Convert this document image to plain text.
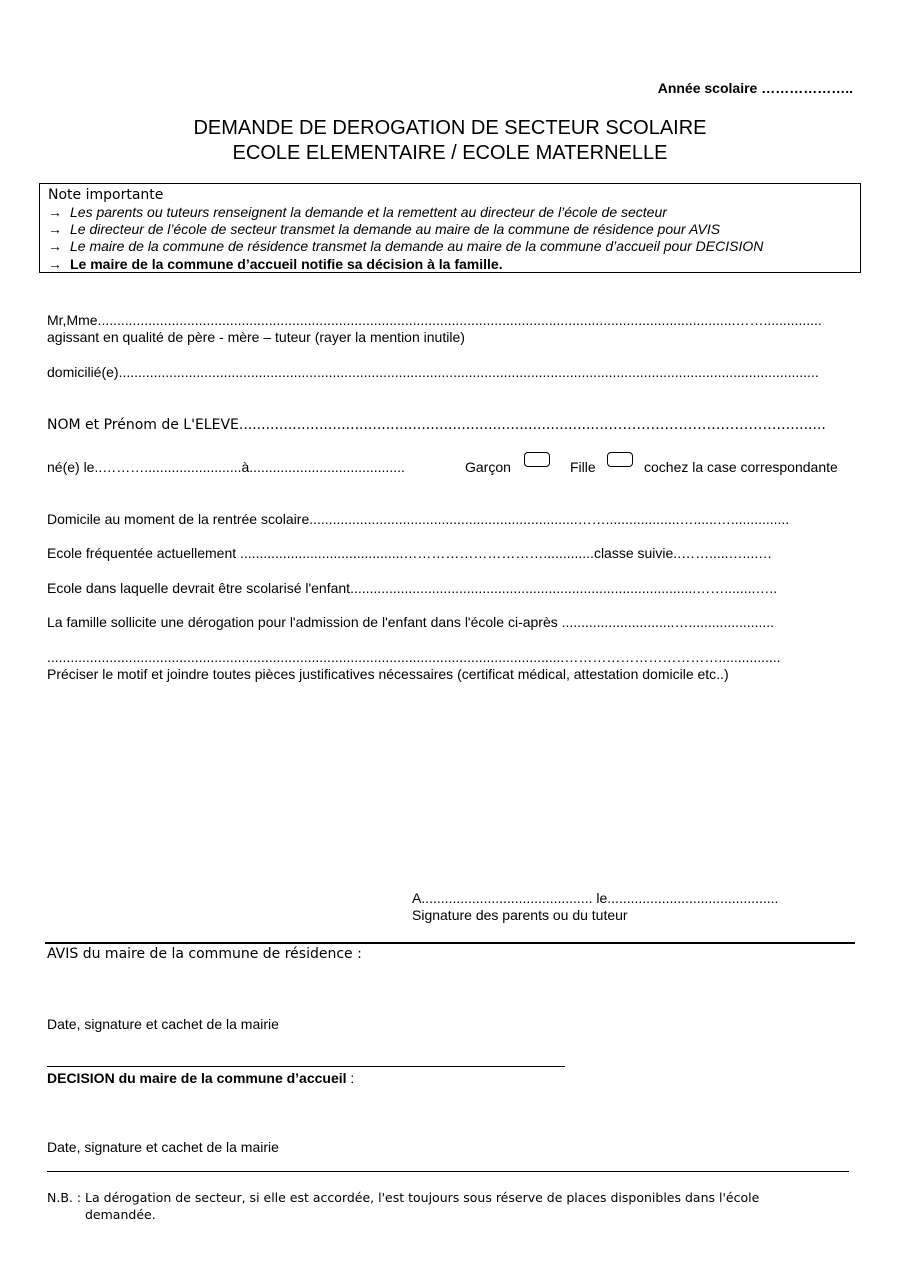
Année scolaire ………………..
DEMANDE DE DEROGATION DE SECTEUR SCOLAIRE
ECOLE ELEMENTAIRE / ECOLE MATERNELLE
Note importante
→ Les parents ou tuteurs renseignent la demande et la remettent au directeur de l’école de secteur
→ Le directeur de l’école de secteur transmet la demande au maire de la commune de résidence pour AVIS
→ Le maire de la commune de résidence transmet la demande au maire de la commune d’accueil pour DECISION
→ Le maire de la commune d’accueil notifie sa décision à la famille.
Mr,Mme....................................................................................................................................................................……...............
agissant en qualité de père - mère – tuteur (rayer la mention inutile)
domicilié(e)....................................................................................................................................................................................
NOM et Prénom de L'ELEVE..................................................................................………………………………….........
né(e) le..……….........................à........................................	Garçon	Fille	cochez la case correspondante
Domicile au moment de la rentrée scolaire.....................................................................……...................…......…...............
Ecole fréquentée actuellement ..........................................………………………….............classe suivie..…….....…....…
Ecole dans laquelle devrait être scolarisé l'enfant.........................................................................................……........…..
La famille sollicite une dérogation pour l'admission de l'enfant dans l'école ci-après .............................…......................
.....................................................................................................................................……………………………................
Préciser le motif et joindre toutes pièces justificatives nécessaires (certificat médical, attestation domicile etc..)
A............................................ le............................................
Signature des parents ou du tuteur
AVIS du maire de la commune de résidence :
Date, signature et cachet de la mairie
DECISION du maire de la commune d’accueil :
Date, signature et cachet de la mairie
N.B. : La dérogation de secteur, si elle est accordée, l'est toujours sous réserve de places disponibles dans l'école
demandée.
